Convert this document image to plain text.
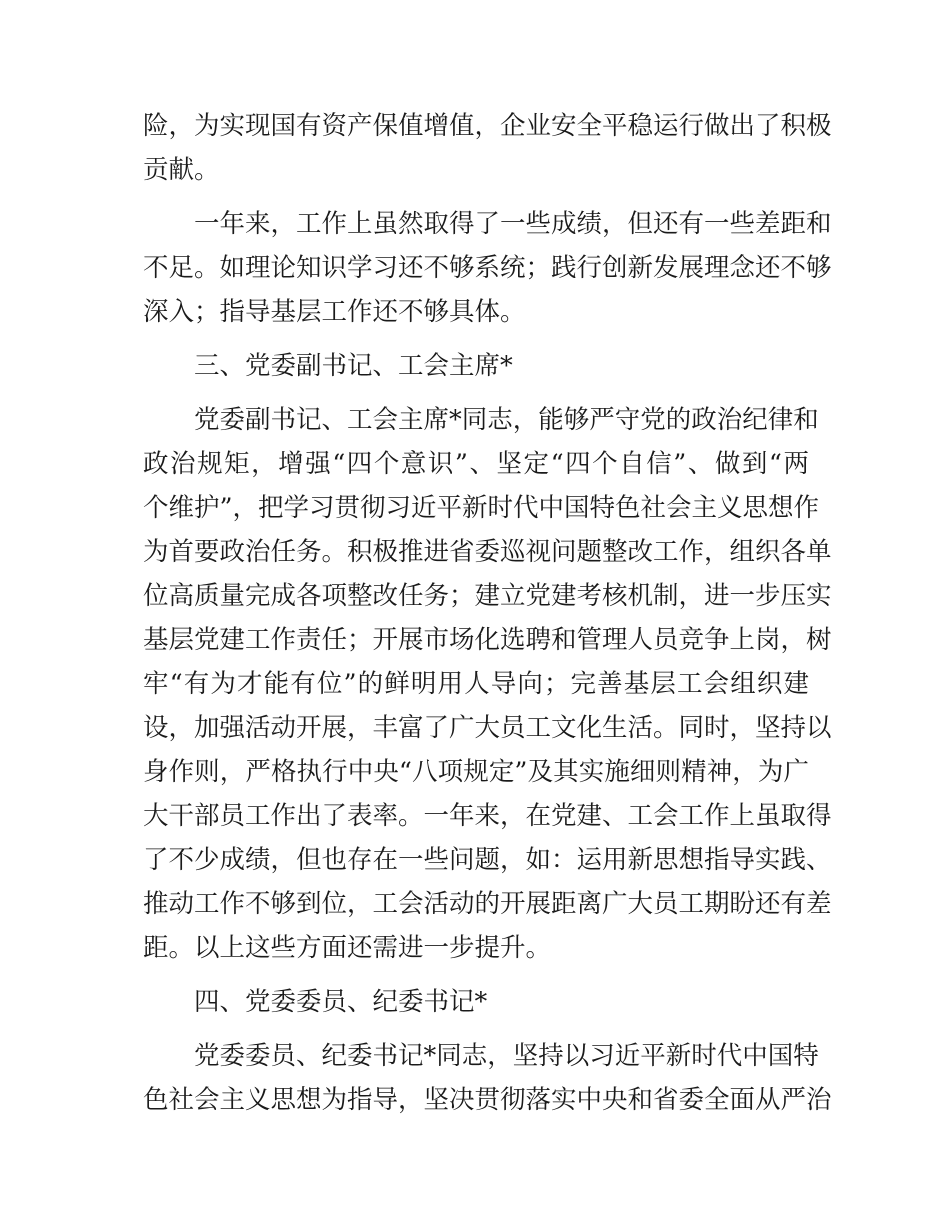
险，为实现国有资产保值增值，企业安全平稳运行做出了积极
贡献。
一年来，工作上虽然取得了一些成绩，但还有一些差距和
不足。如理论知识学习还不够系统；践行创新发展理念还不够
深入；指导基层工作还不够具体。
三、党委副书记、工会主席*
党委副书记、工会主席*同志，能够严守党的政治纪律和
政治规矩，增强“四个意识”、坚定“四个自信”、做到“两
个维护”，把学习贯彻习近平新时代中国特色社会主义思想作
为首要政治任务。积极推进省委巡视问题整改工作，组织各单
位高质量完成各项整改任务；建立党建考核机制，进一步压实
基层党建工作责任；开展市场化选聘和管理人员竞争上岗，树
牢“有为才能有位”的鲜明用人导向；完善基层工会组织建
设，加强活动开展，丰富了广大员工文化生活。同时，坚持以
身作则，严格执行中央“八项规定”及其实施细则精神，为广
大干部员工作出了表率。一年来，在党建、工会工作上虽取得
了不少成绩，但也存在一些问题，如：运用新思想指导实践、
推动工作不够到位，工会活动的开展距离广大员工期盼还有差
距。以上这些方面还需进一步提升。
四、党委委员、纪委书记*
党委委员、纪委书记*同志，坚持以习近平新时代中国特
色社会主义思想为指导，坚决贯彻落实中央和省委全面从严治
